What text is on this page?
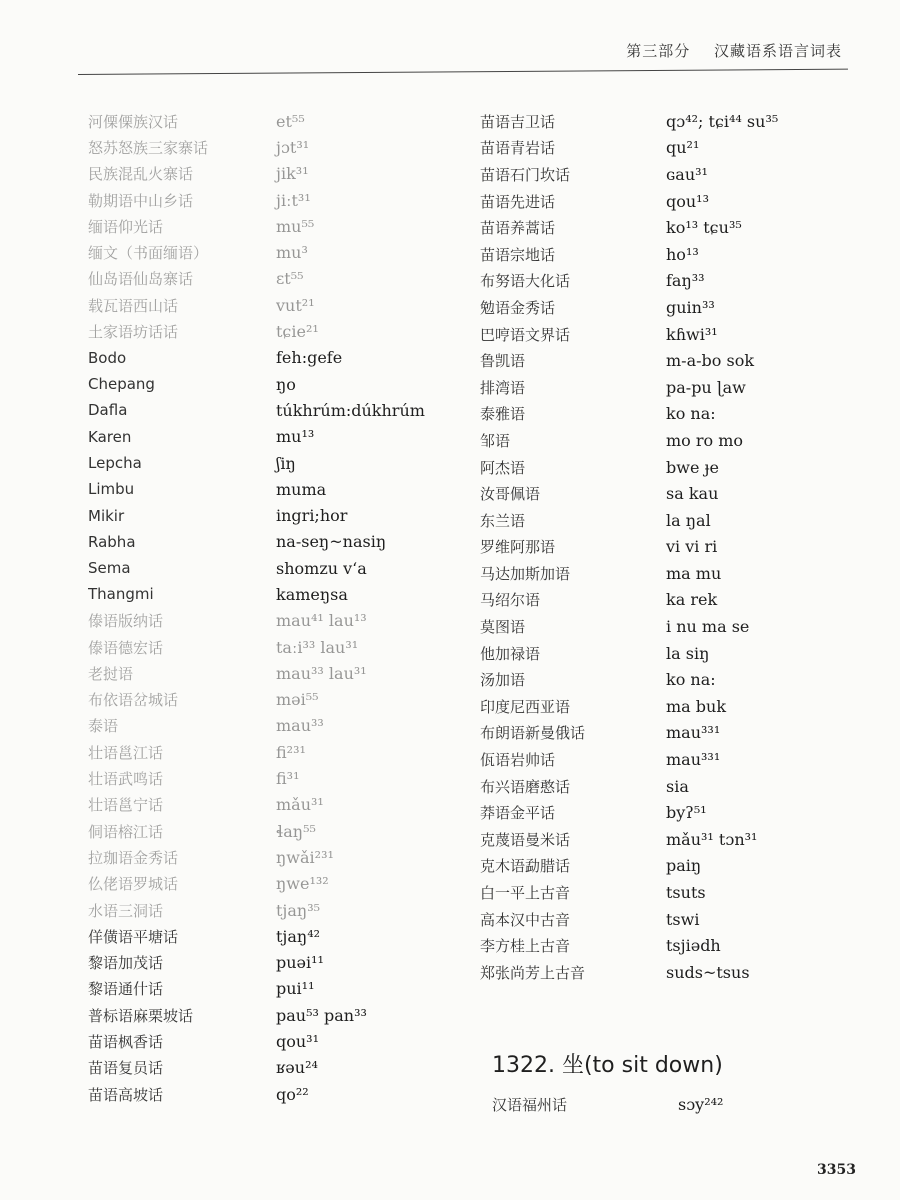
第三部分 汉藏语系语言词表
河傈傈族汉话	et⁵⁵
怒苏怒族三家寨话	jɔt³¹
民族混乱火寨话	jik³¹
勒期语中山乡话	jiːt³¹
缅语仰光话	mu⁵⁵
缅文（书面缅语）	mu³
仙岛语仙岛寨话	ɛt⁵⁵
载瓦语西山话	vut²¹
土家语坊话话	tɕie²¹
Bodo	feh:gefe
Chepang	ŋo
Dafla	túkhrúm:dúkhrúm
Karen	mu¹³
Lepcha	ʃiŋ
Limbu	muma
Mikir	ingri;hor
Rabha	na-seŋ~nasiŋ
Sema	shomzu vʻa
Thangmi	kameŋsa
傣语版纳话	mau⁴¹ lau¹³
傣语德宏话	taːi³³ lau³¹
老挝语	mau³³ lau³¹
布依语岔城话	məi⁵⁵
泰语	mau³³
壮语邕江话	fi²³¹
壮语武鸣话	fi³¹
壮语邕宁话	mǎu³¹
侗语榕江话	ɬaŋ⁵⁵
拉珈语金秀话	ŋwǎi²³¹
仫佬语罗城话	ŋwe¹³²
水语三洞话	tjaŋ³⁵
佯僙语平塘话	tjaŋ⁴²
黎语加茂话	puəi¹¹
黎语通什话	pui¹¹
普标语麻栗坡话	pau⁵³ pan³³
苗语枫香话	qou³¹
苗语复员话	ʁəu²⁴
苗语高坡话	qo²²
苗语吉卫话	qɔ⁴²; tɕi⁴⁴ su³⁵
苗语青岩话	qu²¹
苗语石门坎话	ɢau³¹
苗语先进话	qou¹³
苗语养蒿话	ko¹³ tɕu³⁵
苗语宗地话	ho¹³
布努语大化话	faŋ³³
勉语金秀话	guin³³
巴哼语文界话	kɦwi³¹
鲁凯语	m-a-bo sok
排湾语	pa-pu ɭaw
泰雅语	ko na:
邹语	mo ro mo
阿杰语	bwe ɟe
汝哥佩语	sa kau
东兰语	la ŋal
罗维阿那语	vi vi ri
马达加斯加语	ma mu
马绍尔语	ka rek
莫图语	i nu ma se
他加禄语	la siŋ
汤加语	ko na:
印度尼西亚语	ma buk
布朗语新曼俄话	mau³³¹
佤语岩帅话	mau³³¹
布兴语磨憨话	sia
莽语金平话	byʔ⁵¹
克蔑语曼米话	mǎu³¹ tɔn³¹
克木语勐腊话	paiŋ
白一平上古音	tsuts
高本汉中古音	tswi
李方桂上古音	tsjiədh
郑张尚芳上古音	suds~tsus
1322. 坐(to sit down)
汉语福州话	sɔy²⁴²
3353
